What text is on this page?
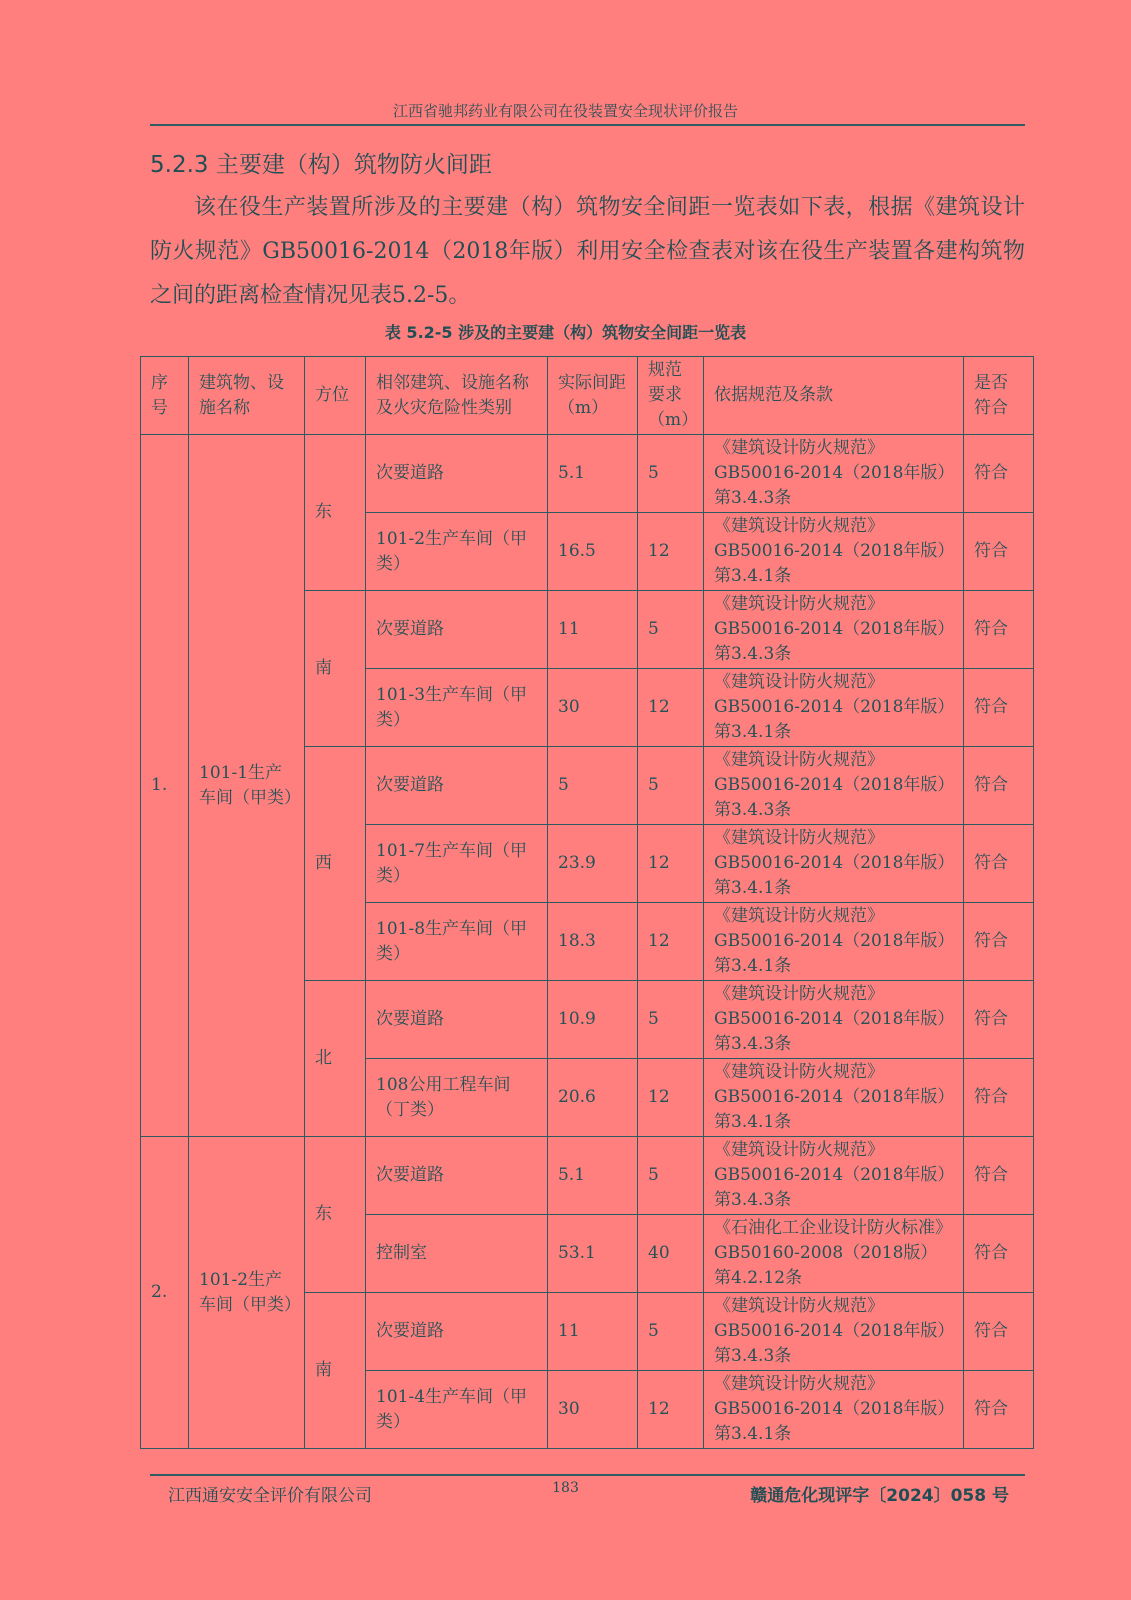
江西省驰邦药业有限公司在役装置安全现状评价报告
5.2.3 主要建（构）筑物防火间距
该在役生产装置所涉及的主要建（构）筑物安全间距一览表如下表，根据《建筑设计防火规范》GB50016-2014（2018年版）利用安全检查表对该在役生产装置各建构筑物之间的距离检查情况见表5.2-5。
表 5.2-5 涉及的主要建（构）筑物安全间距一览表
序号	建筑物、设施名称	方位	相邻建筑、设施名称及火灾危险性类别	实际间距（m）	规范要求（m）	依据规范及条款	是否符合
1.	101-1生产车间（甲类）	东	次要道路	5.1	5	《建筑设计防火规范》GB50016-2014（2018年版）第3.4.3条	符合
			101-2生产车间（甲类）	16.5	12	《建筑设计防火规范》GB50016-2014（2018年版）第3.4.1条	符合
		南	次要道路	11	5	《建筑设计防火规范》GB50016-2014（2018年版）第3.4.3条	符合
			101-3生产车间（甲类）	30	12	《建筑设计防火规范》GB50016-2014（2018年版）第3.4.1条	符合
		西	次要道路	5	5	《建筑设计防火规范》GB50016-2014（2018年版）第3.4.3条	符合
			101-7生产车间（甲类）	23.9	12	《建筑设计防火规范》GB50016-2014（2018年版）第3.4.1条	符合
			101-8生产车间（甲类）	18.3	12	《建筑设计防火规范》GB50016-2014（2018年版）第3.4.1条	符合
		北	次要道路	10.9	5	《建筑设计防火规范》GB50016-2014（2018年版）第3.4.3条	符合
			108公用工程车间（丁类）	20.6	12	《建筑设计防火规范》GB50016-2014（2018年版）第3.4.1条	符合
2.	101-2生产车间（甲类）	东	次要道路	5.1	5	《建筑设计防火规范》GB50016-2014（2018年版）第3.4.3条	符合
			控制室	53.1	40	《石油化工企业设计防火标准》GB50160-2008（2018版） 第4.2.12条	符合
		南	次要道路	11	5	《建筑设计防火规范》GB50016-2014（2018年版）第3.4.3条	符合
			101-4生产车间（甲类）	30	12	《建筑设计防火规范》GB50016-2014（2018年版）第3.4.1条	符合
江西通安安全评价有限公司	183	赣通危化现评字〔2024〕058 号
